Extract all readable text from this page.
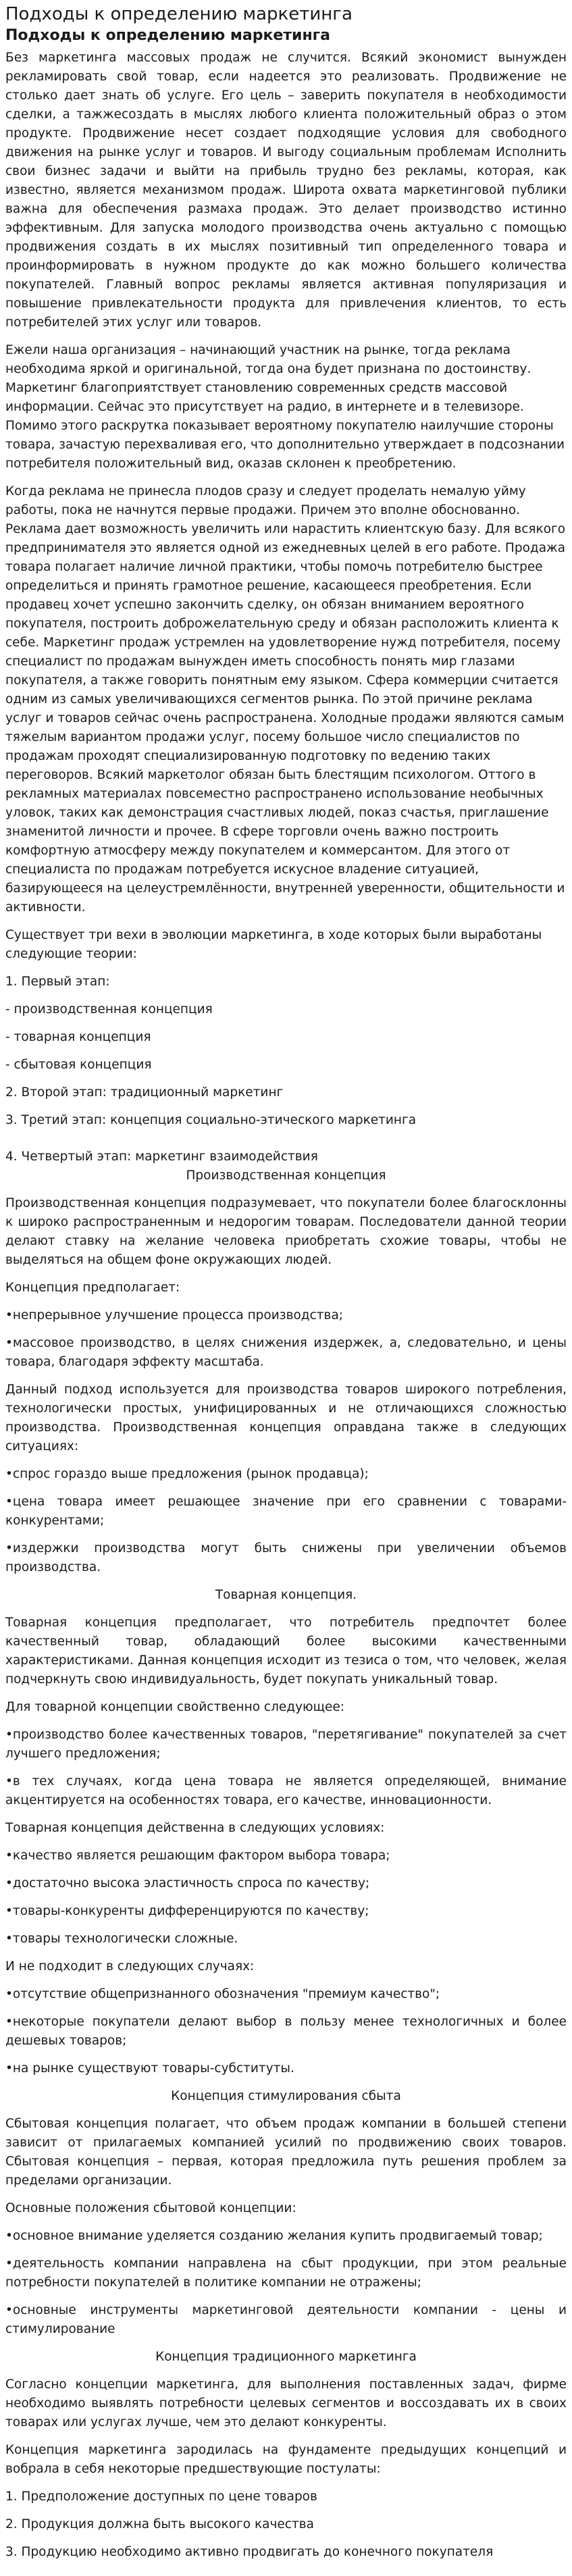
Подходы к определению маркетинга
Подходы к определению маркетинга

Без маркетинга массовых продаж не случится. Всякий экономист вынужден рекламировать свой товар, если надеется это реализовать. Продвижение не столько дает знать об услуге. Его цель – заверить покупателя в необходимости сделки, а тажжесоздать в мыслях любого клиента положительный образ о этом продукте. Продвижение несет создает подходящие условия для свободного движения на рынке услуг и товаров. И выгоду социальным проблемам Исполнить свои бизнес задачи и выйти на прибыль трудно без рекламы, которая, как известно, является механизмом продаж. Широта охвата маркетинговой публики важна для обеспечения размаха продаж. Это делает производство истинно эффективным. Для запуска молодого производства очень актуально с помощью продвижения создать в их мыслях позитивный тип определенного товара и проинформировать в нужном продукте до как можно большего количества покупателей. Главный вопрос рекламы является активная популяризация и повышение привлекательности продукта для привлечения клиентов, то есть потребителей этих услуг или товаров.

Ежели наша организация – начинающий участник на рынке, тогда реклама необходима яркой и оригинальной, тогда она будет признана по достоинству. Маркетинг благоприятствует становлению современных средств массовой информации. Сейчас это присутствует на радио, в интернете и в телевизоре. Помимо этого раскрутка показывает вероятному покупателю наилучшие стороны товара, зачастую перехваливая его, что дополнительно утверждает в подсознании потребителя положительный вид, оказав склонен к преобретению.

Когда реклама не принесла плодов сразу и следует проделать немалую уйму работы, пока не начнутся первые продажи. Причем это вполне обоснованно. Реклама дает возможность увеличить или нарастить клиентскую базу. Для всякого предпринимателя это является одной из ежедневных целей в его работе. Продажа товара полагает наличие личной практики, чтобы помочь потребителю быстрее определиться и принять грамотное решение, касающееся преобретения. Если продавец хочет успешно закончить сделку, он обязан вниманием вероятного покупателя, построить доброжелательную среду и обязан расположить клиента к себе. Маркетинг продаж устремлен на удовлетворение нужд потребителя, посему специалист по продажам вынужден иметь способность понять мир глазами покупателя, а также говорить понятным ему языком. Сфера коммерции считается одним из самых увеличивающихся сегментов рынка. По этой причине реклама услуг и товаров сейчас очень распространена. Холодные продажи являются самым тяжелым вариантом продажи услуг, посему большое число специалистов по продажам проходят специализированную подготовку по ведению таких переговоров. Всякий маркетолог обязан быть блестящим психологом. Оттого в рекламных материалах повсеместно распространено использование необычных уловок, таких как демонстрация счастливых людей, показ счастья, приглашение знаменитой личности и прочее. В сфере торговли очень важно построить комфортную атмосферу между покупателем и коммерсантом. Для этого от специалиста по продажам потребуется искусное владение ситуацией, базирующееся на целеустремлённости, внутренней уверенности, общительности и активности.

Существует три вехи в эволюции маркетинга, в ходе которых были выработаны следующие теории:

1. Первый этап:

- производственная концепция

- товарная концепция

- сбытовая концепция

2. Второй этап: традиционный маркетинг

3. Третий этап: концепция социально-этического маркетинга

4. Четвертый этап: маркетинг взаимодействия

Производственная концепция

Производственная концепция подразумевает, что покупатели более благосклонны к широко распространенным и недорогим товарам. Последователи данной теории делают ставку на желание человека приобретать схожие товары, чтобы не выделяться на общем фоне окружающих людей.

Концепция предполагает:

•непрерывное улучшение процесса производства;

•массовое производство, в целях снижения издержек, а, следовательно, и цены товара, благодаря эффекту масштаба.

Данный подход используется для производства товаров широкого потребления, технологически простых, унифицированных и не отличающихся сложностью производства. Производственная концепция оправдана также в следующих ситуациях:

•спрос гораздо выше предложения (рынок продавца);

•цена товара имеет решающее значение при его сравнении с товарами-конкурентами;

•издержки производства могут быть снижены при увеличении объемов производства.

Товарная концепция.

Товарная концепция предполагает, что потребитель предпочтет более качественный товар, обладающий более высокими качественными характеристиками. Данная концепция исходит из тезиса о том, что человек, желая подчеркнуть свою индивидуальность, будет покупать уникальный товар.

Для товарной концепции свойственно следующее:

•производство более качественных товаров, "перетягивание" покупателей за счет лучшего предложения;

•в тех случаях, когда цена товара не является определяющей, внимание акцентируется на особенностях товара, его качестве, инновационности.

Товарная концепция действенна в следующих условиях:

•качество является решающим фактором выбора товара;

•достаточно высока эластичность спроса по качеству;

•товары-конкуренты дифференцируются по качеству;

•товары технологически сложные.

И не подходит в следующих случаях:

•отсутствие общепризнанного обозначения "премиум качество";

•некоторые покупатели делают выбор в пользу менее технологичных и более дешевых товаров;

•на рынке существуют товары-субституты.

Концепция стимулирования сбыта

Сбытовая концепция полагает, что объем продаж компании в большей степени зависит от прилагаемых компанией усилий по продвижению своих товаров. Сбытовая концепция – первая, которая предложила путь решения проблем за пределами организации.

Основные положения сбытовой концепции:

•основное внимание уделяется созданию желания купить продвигаемый товар;

•деятельность компании направлена на сбыт продукции, при этом реальные потребности покупателей в политике компании не отражены;

•основные инструменты маркетинговой деятельности компании - цены и стимулирование

Концепция традиционного маркетинга

Согласно концепции маркетинга, для выполнения поставленных задач, фирме необходимо выявлять потребности целевых сегментов и воссоздавать их в своих товарах или услугах лучше, чем это делают конкуренты.

Концепция маркетинга зародилась на фундаменте предыдущих концепций и вобрала в себя некоторые предшествующие постулаты:

1. Предположение доступных по цене товаров

2. Продукция должна быть высокого качества

3. Продукцию необходимо активно продвигать до конечного покупателя
